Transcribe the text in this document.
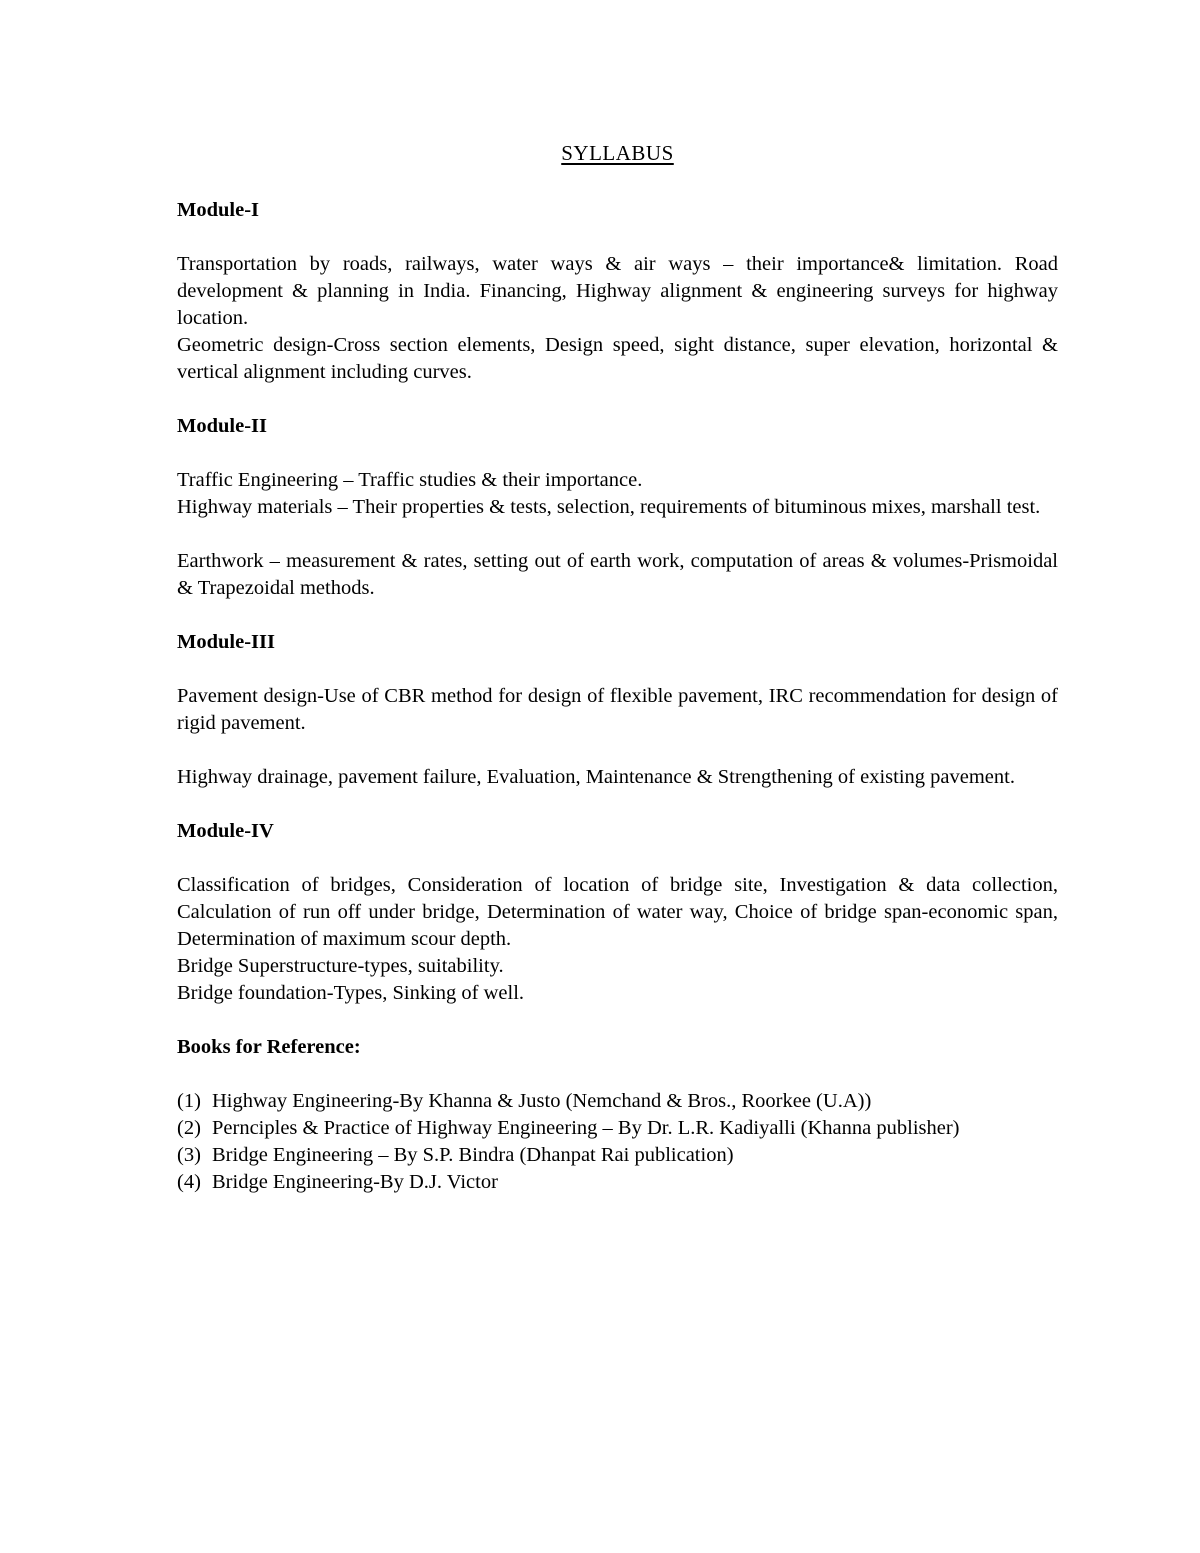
SYLLABUS
Module-I

Transportation by roads, railways, water ways & air ways – their importance& limitation. Road development & planning in India. Financing, Highway alignment & engineering surveys for highway location.

Geometric design-Cross section elements, Design speed, sight distance, super elevation, horizontal & vertical alignment including curves.

Module-II

Traffic Engineering – Traffic studies & their importance.

Highway materials – Their properties & tests, selection, requirements of bituminous mixes, marshall test.

Earthwork – measurement & rates, setting out of earth work, computation of areas & volumes-Prismoidal & Trapezoidal methods.

Module-III

Pavement design-Use of CBR method for design of flexible pavement, IRC recommendation for design of rigid pavement.

Highway drainage, pavement failure, Evaluation, Maintenance & Strengthening of existing pavement.

Module-IV

Classification of bridges, Consideration of location of bridge site, Investigation & data collection, Calculation of run off under bridge, Determination of water way, Choice of bridge span-economic span, Determination of maximum scour depth.

Bridge Superstructure-types, suitability.

Bridge foundation-Types, Sinking of well.

Books for Reference:
(1) Highway Engineering-By Khanna & Justo (Nemchand & Bros., Roorkee (U.A))
(2) Pernciples & Practice of Highway Engineering – By Dr. L.R. Kadiyalli (Khanna publisher)
(3) Bridge Engineering – By S.P. Bindra (Dhanpat Rai publication)
(4) Bridge Engineering-By D.J. Victor
